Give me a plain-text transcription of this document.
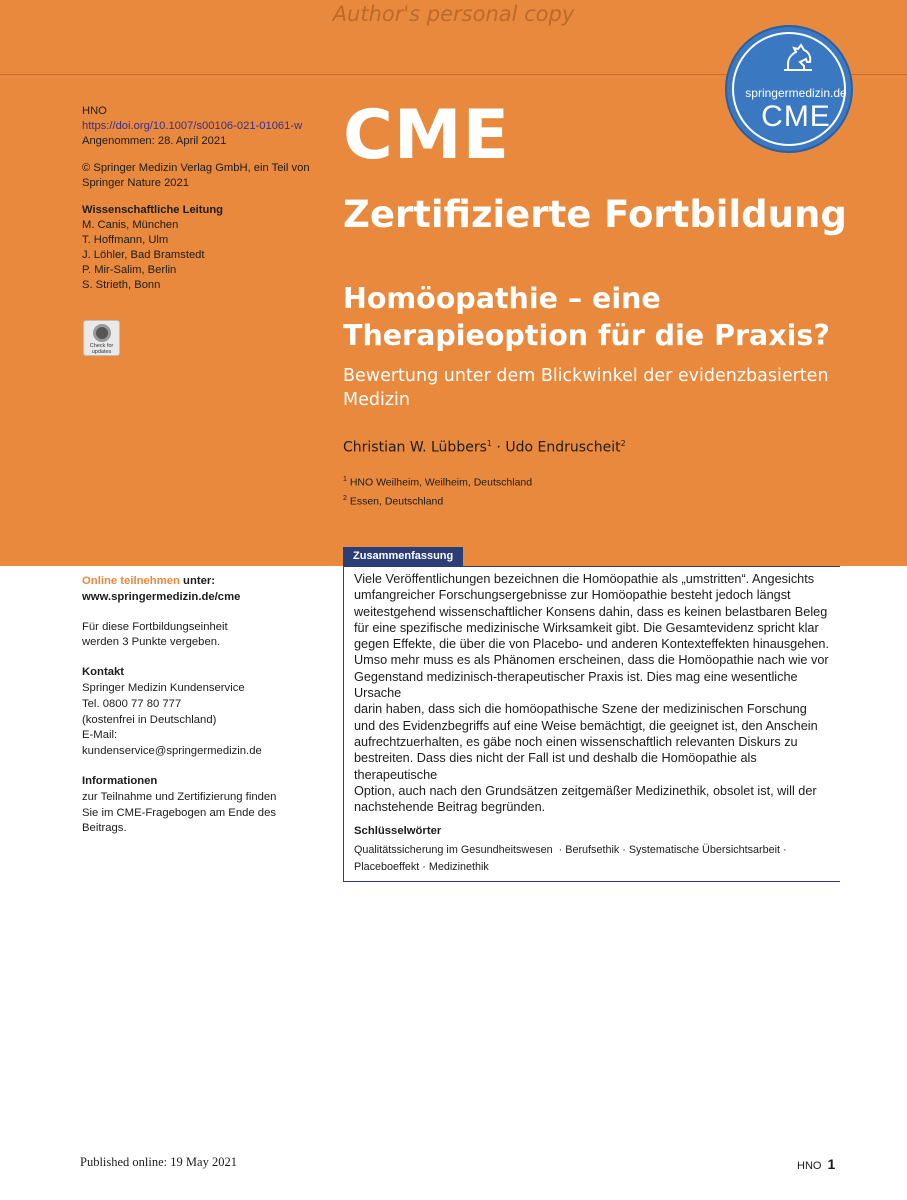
Author's personal copy
HNO
https://doi.org/10.1007/s00106-021-01061-w
Angenommen: 28. April 2021
© Springer Medizin Verlag GmbH, ein Teil von
Springer Nature 2021
Wissenschaftliche Leitung
M. Canis, München
T. Hoffmann, Ulm
J. Löhler, Bad Bramstedt
P. Mir-Salim, Berlin
S. Strieth, Bonn
Check for
updates
CME
Zertifizierte Fortbildung
Homöopathie – eine
Therapieoption für die Praxis?
Bewertung unter dem Blickwinkel der evidenzbasierten
Medizin
Christian W. Lübbers$^1$ · Udo Endruscheit$^2$
$^1$ HNO Weilheim, Weilheim, Deutschland
$^2$ Essen, Deutschland
springermedizin.de
CME
Online teilnehmen unter:
www.springermedizin.de/cme
Für diese Fortbildungseinheit
werden 3 Punkte vergeben.
Kontakt
Springer Medizin Kundenservice
Tel. 0800 77 80 777
(kostenfrei in Deutschland)
E-Mail:
kundenservice@springermedizin.de
Informationen
zur Teilnahme und Zertifizierung finden
Sie im CME-Fragebogen am Ende des
Beitrags.
Zusammenfassung
Viele Veröffentlichungen bezeichnen die Homöopathie als „umstritten“. Angesichts
umfangreicher Forschungsergebnisse zur Homöopathie besteht jedoch längst
weitestgehend wissenschaftlicher Konsens dahin, dass es keinen belastbaren Beleg
für eine spezifische medizinische Wirksamkeit gibt. Die Gesamtevidenz spricht klar
gegen Effekte, die über die von Placebo- und anderen Kontexteffekten hinausgehen.
Umso mehr muss es als Phänomen erscheinen, dass die Homöopathie nach wie vor
Gegenstand medizinisch-therapeutischer Praxis ist. Dies mag eine wesentliche Ursache
darin haben, dass sich die homöopathische Szene der medizinischen Forschung
und des Evidenzbegriffs auf eine Weise bemächtigt, die geeignet ist, den Anschein
aufrechtzuerhalten, es gäbe noch einen wissenschaftlich relevanten Diskurs zu
bestreiten. Dass dies nicht der Fall ist und deshalb die Homöopathie als therapeutische
Option, auch nach den Grundsätzen zeitgemäßer Medizinethik, obsolet ist, will der
nachstehende Beitrag begründen.
Schlüsselwörter
Qualitätssicherung im Gesundheitswesen  · Berufsethik · Systematische Übersichtsarbeit ·
Placeboeffekt · Medizinethik
Published online: 19 May 2021	HNO 1
